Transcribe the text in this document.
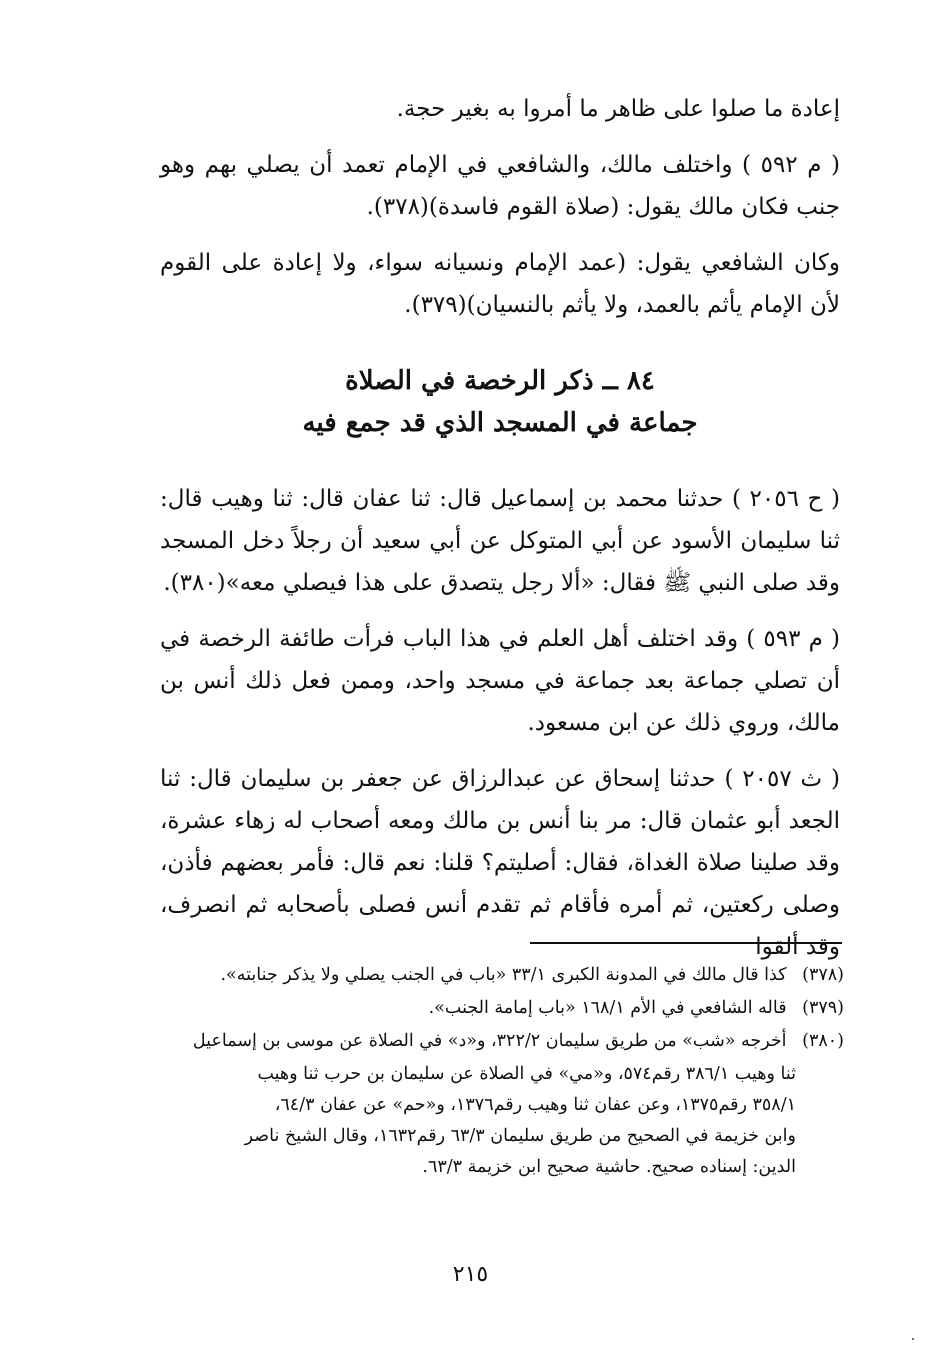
إعادة ما صلوا على ظاهر ما أمروا به بغير حجة.

( م ٥٩٢ ) واختلف مالك، والشافعي في الإمام تعمد أن يصلي بهم وهو جنب فكان مالك يقول: (صلاة القوم فاسدة)(٣٧٨).

وكان الشافعي يقول: (عمد الإمام ونسيانه سواء، ولا إعادة على القوم لأن الإمام يأثم بالعمد، ولا يأثم بالنسيان)(٣٧٩).

٨٤ ــ ذكر الرخصة في الصلاة
جماعة في المسجد الذي قد جمع فيه

( ح ٢٠٥٦ ) حدثنا محمد بن إسماعيل قال: ثنا عفان قال: ثنا وهيب قال: ثنا سليمان الأسود عن أبي المتوكل عن أبي سعيد أن رجلاً دخل المسجد وقد صلى النبي ﷺ فقال: «ألا رجل يتصدق على هذا فيصلي معه»(٣٨٠).

( م ٥٩٣ ) وقد اختلف أهل العلم في هذا الباب فرأت طائفة الرخصة في أن تصلي جماعة بعد جماعة في مسجد واحد، وممن فعل ذلك أنس بن مالك، وروي ذلك عن ابن مسعود.

( ث ٢٠٥٧ ) حدثنا إسحاق عن عبدالرزاق عن جعفر بن سليمان قال: ثنا الجعد أبو عثمان قال: مر بنا أنس بن مالك ومعه أصحاب له زهاء عشرة، وقد صلينا صلاة الغداة، فقال: أصليتم؟ قلنا: نعم قال: فأمر بعضهم فأذن، وصلى ركعتين، ثم أمره فأقام ثم تقدم أنس فصلى بأصحابه ثم انصرف، وقد ألقوا

(٣٧٨) كذا قال مالك في المدونة الكبرى ٣٣/١ «باب في الجنب يصلي ولا يذكر جنابته».
(٣٧٩) قاله الشافعي في الأم ١٦٨/١ «باب إمامة الجنب».
(٣٨٠) أخرجه «شب» من طريق سليمان ٣٢٢/٢، و«د» في الصلاة عن موسى بن إسماعيل
ثنا وهيب ٣٨٦/١ رقم٥٧٤، و«مي» في الصلاة عن سليمان بن حرب ثنا وهيب
٣٥٨/١ رقم١٣٧٥، وعن عفان ثنا وهيب رقم١٣٧٦، و«حم» عن عفان ٦٤/٣،
وابن خزيمة في الصحيح من طريق سليمان ٦٣/٣ رقم١٦٣٢، وقال الشيخ ناصر
الدين: إسناده صحيح. حاشية صحيح ابن خزيمة ٦٣/٣.
٢١٥
